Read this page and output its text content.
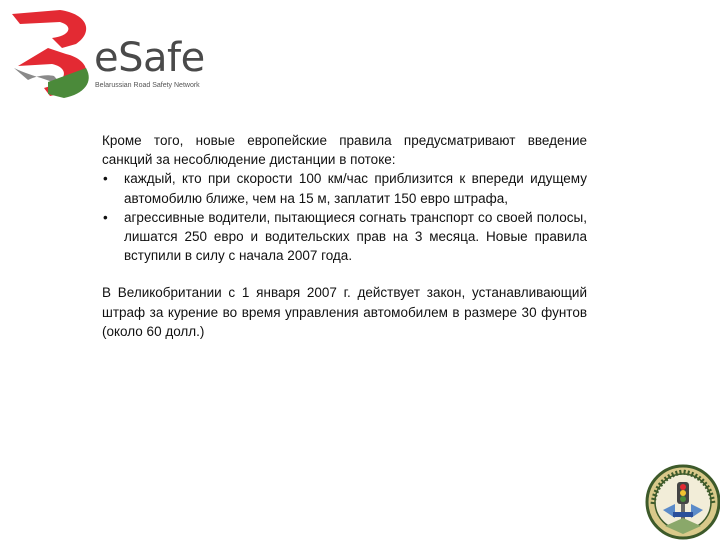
eSafe
Belarussian Road Safety Network

Кроме того, новые европейские правила предусматривают введение санкций за несоблюдение дистанции в потоке:

• каждый, кто при скорости 100 км/час приблизится к впереди идущему автомобилю ближе, чем на 15 м, заплатит 150 евро штрафа,
• агрессивные водители, пытающиеся согнать транспорт со своей полосы, лишатся 250 евро и водительских прав на 3 месяца. Новые правила вступили в силу с начала 2007 года.

В Великобритании с 1 января 2007 г. действует закон, устанавливающий штраф за курение во время управления автомобилем в размере 30 фунтов (около 60 долл.)
